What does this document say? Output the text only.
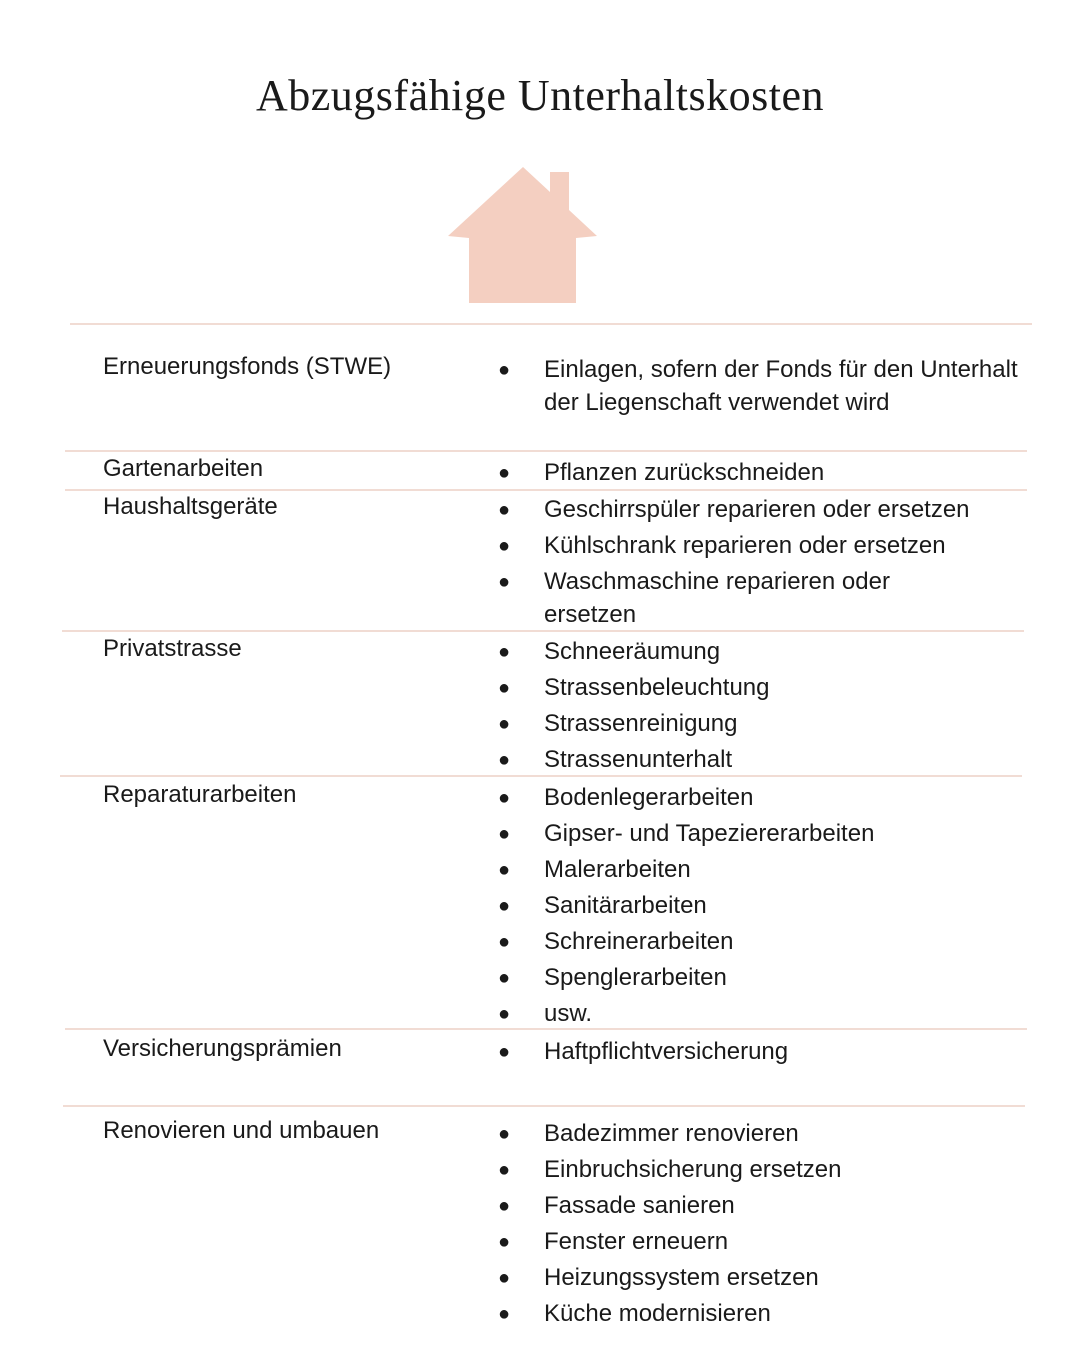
Abzugsfähige Unterhaltskosten

Erneuerungsfonds (STWE)	● Einlagen, sofern der Fonds für den Unterhalt der Liegenschaft verwendet wird

Gartenarbeiten	● Pflanzen zurückschneiden

Haushaltsgeräte	● Geschirrspüler reparieren oder ersetzen
● Kühlschrank reparieren oder ersetzen
● Waschmaschine reparieren oder ersetzen

Privatstrasse	● Schneeräumung
● Strassenbeleuchtung
● Strassenreinigung
● Strassenunterhalt

Reparaturarbeiten	● Bodenlegerarbeiten
● Gipser- und Tapeziererarbeiten
● Malerarbeiten
● Sanitärarbeiten
● Schreinerarbeiten
● Spenglerarbeiten
● usw.

Versicherungsprämien	● Haftpflichtversicherung

Renovieren und umbauen	● Badezimmer renovieren
● Einbruchsicherung ersetzen
● Fassade sanieren
● Fenster erneuern
● Heizungssystem ersetzen
● Küche modernisieren
